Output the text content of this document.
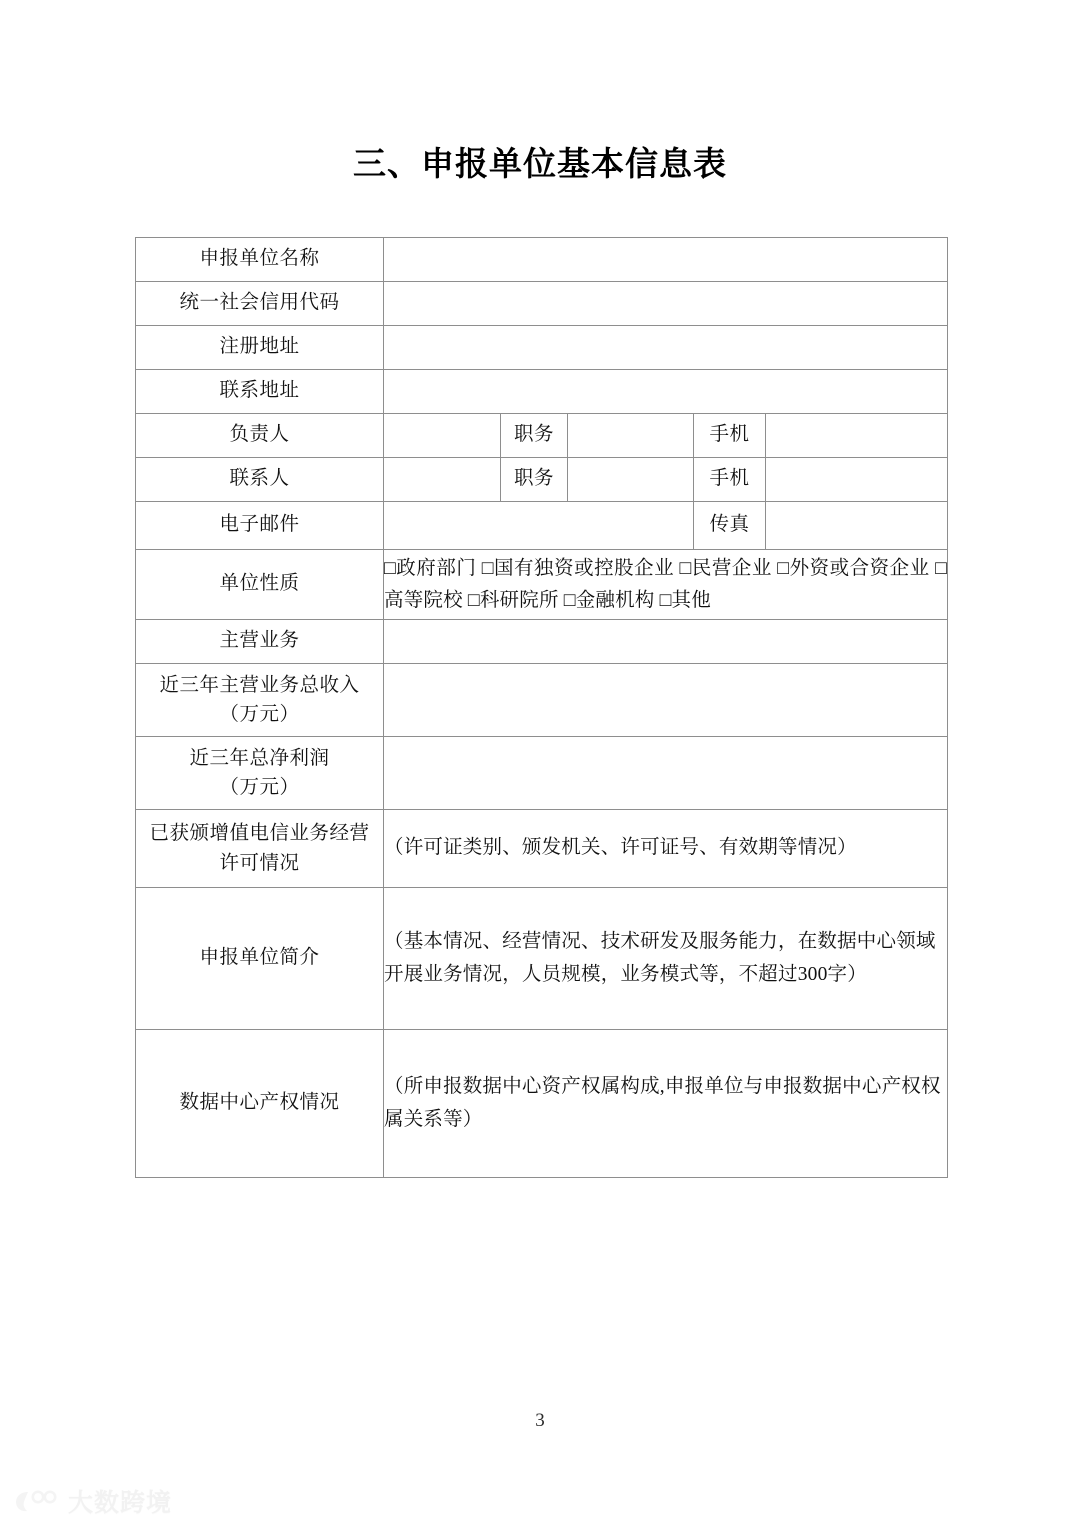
三、申报单位基本信息表
申报单位名称					
统一社会信用代码					
注册地址					
联系地址					
负责人		职务		手机	
联系人		职务		手机	
电子邮件				传真	
单位性质	□政府部门 □国有独资或控股企业 □民营企业 □外资或合资企业 □高等院校 □科研院所 □金融机构 □其他				
主营业务					

近三年主营业务总收入
（万元）					

近三年总净利润
（万元）					

已获颁增值电信业务经营
许可情况	（许可证类别、颁发机关、许可证号、有效期等情况）				
申报单位简介	（基本情况、经营情况、技术研发及服务能力，在数据中心领域开展业务情况，人员规模，业务模式等，不超过300字）				
数据中心产权情况	（所申报数据中心资产权属构成,申报单位与申报数据中心产权权属关系等）				
3
大数跨境
